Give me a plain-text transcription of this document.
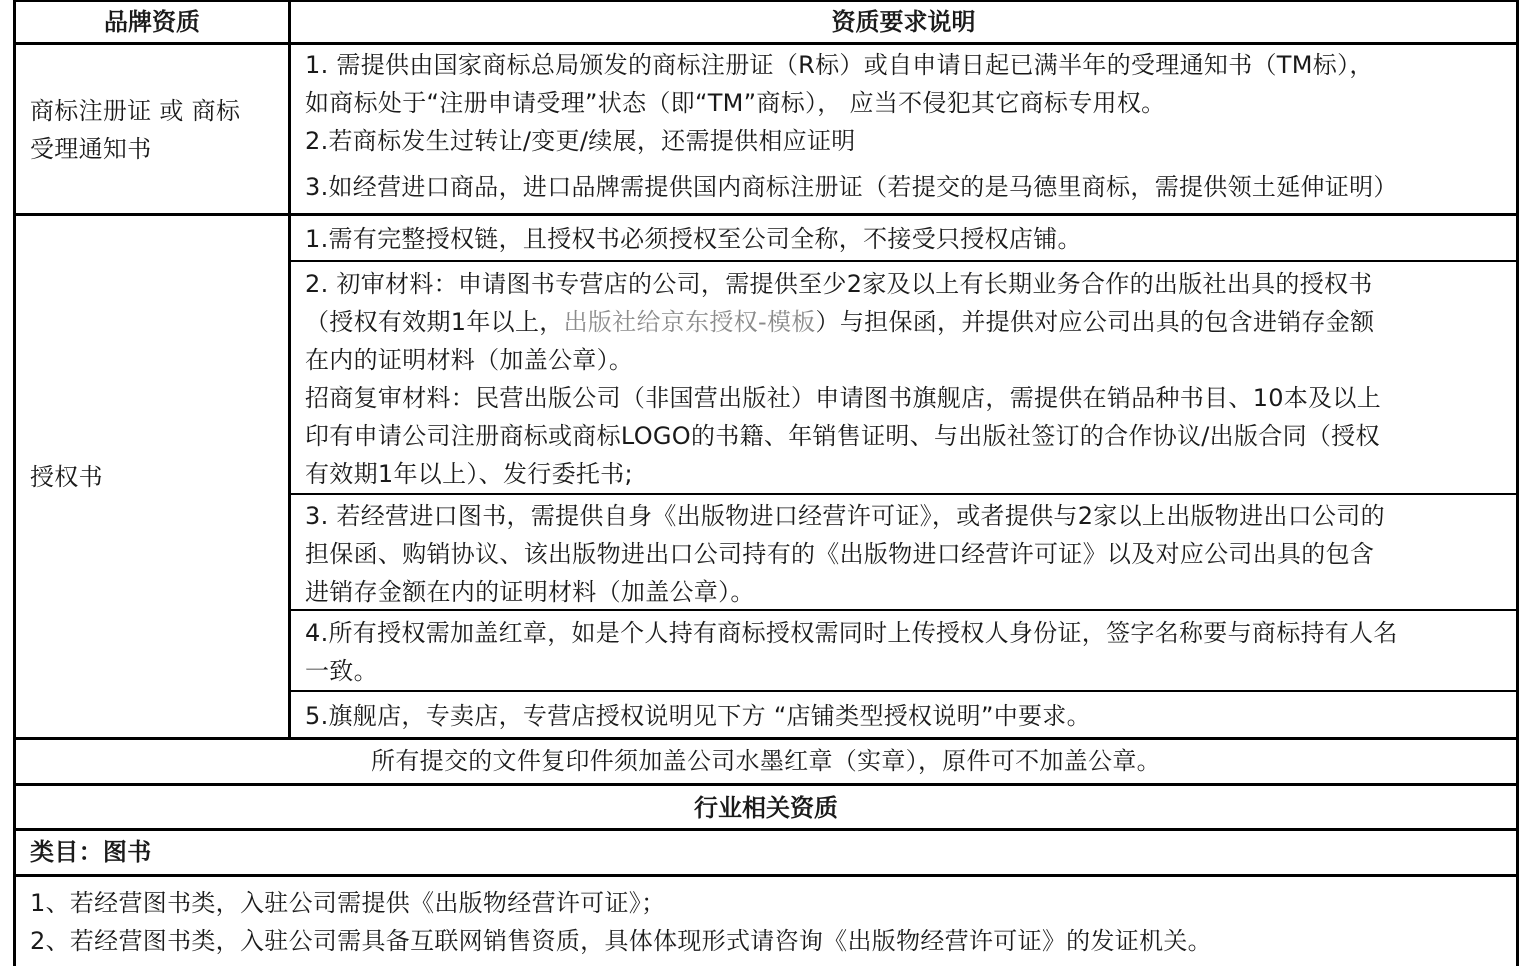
品牌资质	资质要求说明
商标注册证 或 商标
受理通知书
1. 需提供由国家商标总局颁发的商标注册证（R标）或自申请日起已满半年的受理通知书（TM标），
如商标处于“注册申请受理”状态（即“TM”商标）， 应当不侵犯其它商标专用权。
2.若商标发生过转让/变更/续展，还需提供相应证明
3.如经营进口商品，进口品牌需提供国内商标注册证（若提交的是马德里商标，需提供领土延伸证明）
授权书
1.需有完整授权链，且授权书必须授权至公司全称，不接受只授权店铺。
2. 初审材料：申请图书专营店的公司，需提供至少2家及以上有长期业务合作的出版社出具的授权书
（授权有效期1年以上，出版社给京东授权-模板）与担保函，并提供对应公司出具的包含进销存金额
在内的证明材料（加盖公章）。
招商复审材料：民营出版公司（非国营出版社）申请图书旗舰店，需提供在销品种书目、10本及以上
印有申请公司注册商标或商标LOGO的书籍、年销售证明、与出版社签订的合作协议/出版合同（授权
有效期1年以上）、发行委托书;
3. 若经营进口图书，需提供自身《出版物进口经营许可证》，或者提供与2家以上出版物进出口公司的
担保函、购销协议、该出版物进出口公司持有的《出版物进口经营许可证》以及对应公司出具的包含
进销存金额在内的证明材料（加盖公章）。
4.所有授权需加盖红章，如是个人持有商标授权需同时上传授权人身份证，签字名称要与商标持有人名
一致。
5.旗舰店，专卖店，专营店授权说明见下方 “店铺类型授权说明”中要求。
所有提交的文件复印件须加盖公司水墨红章（实章），原件可不加盖公章。
行业相关资质
类目：图书
1、若经营图书类，入驻公司需提供《出版物经营许可证》；
2、若经营图书类，入驻公司需具备互联网销售资质，具体体现形式请咨询《出版物经营许可证》的发证机关。
